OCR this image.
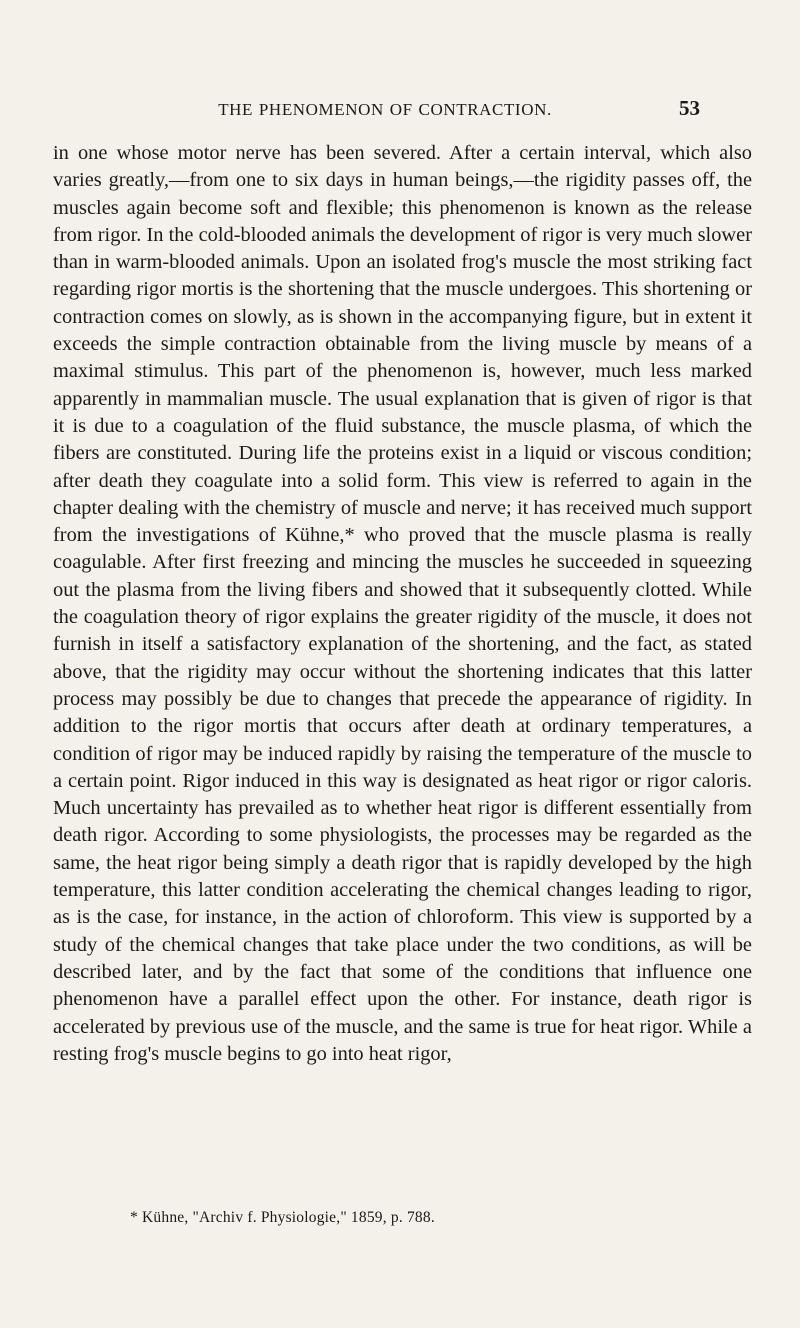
THE PHENOMENON OF CONTRACTION.	53

in one whose motor nerve has been severed. After a certain interval, which also varies greatly,—from one to six days in human beings,—the rigidity passes off, the muscles again become soft and flexible; this phenomenon is known as the release from rigor. In the cold-blooded animals the development of rigor is very much slower than in warm-blooded animals. Upon an isolated frog's muscle the most striking fact regarding rigor mortis is the shortening that the muscle undergoes. This shortening or contraction comes on slowly, as is shown in the accompanying figure, but in extent it exceeds the simple contraction obtainable from the living muscle by means of a maximal stimulus. This part of the phenomenon is, however, much less marked apparently in mammalian muscle. The usual explanation that is given of rigor is that it is due to a coagulation of the fluid substance, the muscle plasma, of which the fibers are constituted. During life the proteins exist in a liquid or viscous condition; after death they coagulate into a solid form. This view is referred to again in the chapter dealing with the chemistry of muscle and nerve; it has received much support from the investigations of Kühne,* who proved that the muscle plasma is really coagulable. After first freezing and mincing the muscles he succeeded in squeezing out the plasma from the living fibers and showed that it subsequently clotted. While the coagulation theory of rigor explains the greater rigidity of the muscle, it does not furnish in itself a satisfactory explanation of the shortening, and the fact, as stated above, that the rigidity may occur without the shortening indicates that this latter process may possibly be due to changes that precede the appearance of rigidity. In addition to the rigor mortis that occurs after death at ordinary temperatures, a condition of rigor may be induced rapidly by raising the temperature of the muscle to a certain point. Rigor induced in this way is designated as heat rigor or rigor caloris. Much uncertainty has prevailed as to whether heat rigor is different essentially from death rigor. According to some physiologists, the processes may be regarded as the same, the heat rigor being simply a death rigor that is rapidly developed by the high temperature, this latter condition accelerating the chemical changes leading to rigor, as is the case, for instance, in the action of chloroform. This view is supported by a study of the chemical changes that take place under the two conditions, as will be described later, and by the fact that some of the conditions that influence one phenomenon have a parallel effect upon the other. For instance, death rigor is accelerated by previous use of the muscle, and the same is true for heat rigor. While a resting frog's muscle begins to go into heat rigor,

* Kühne, "Archiv f. Physiologie," 1859, p. 788.
